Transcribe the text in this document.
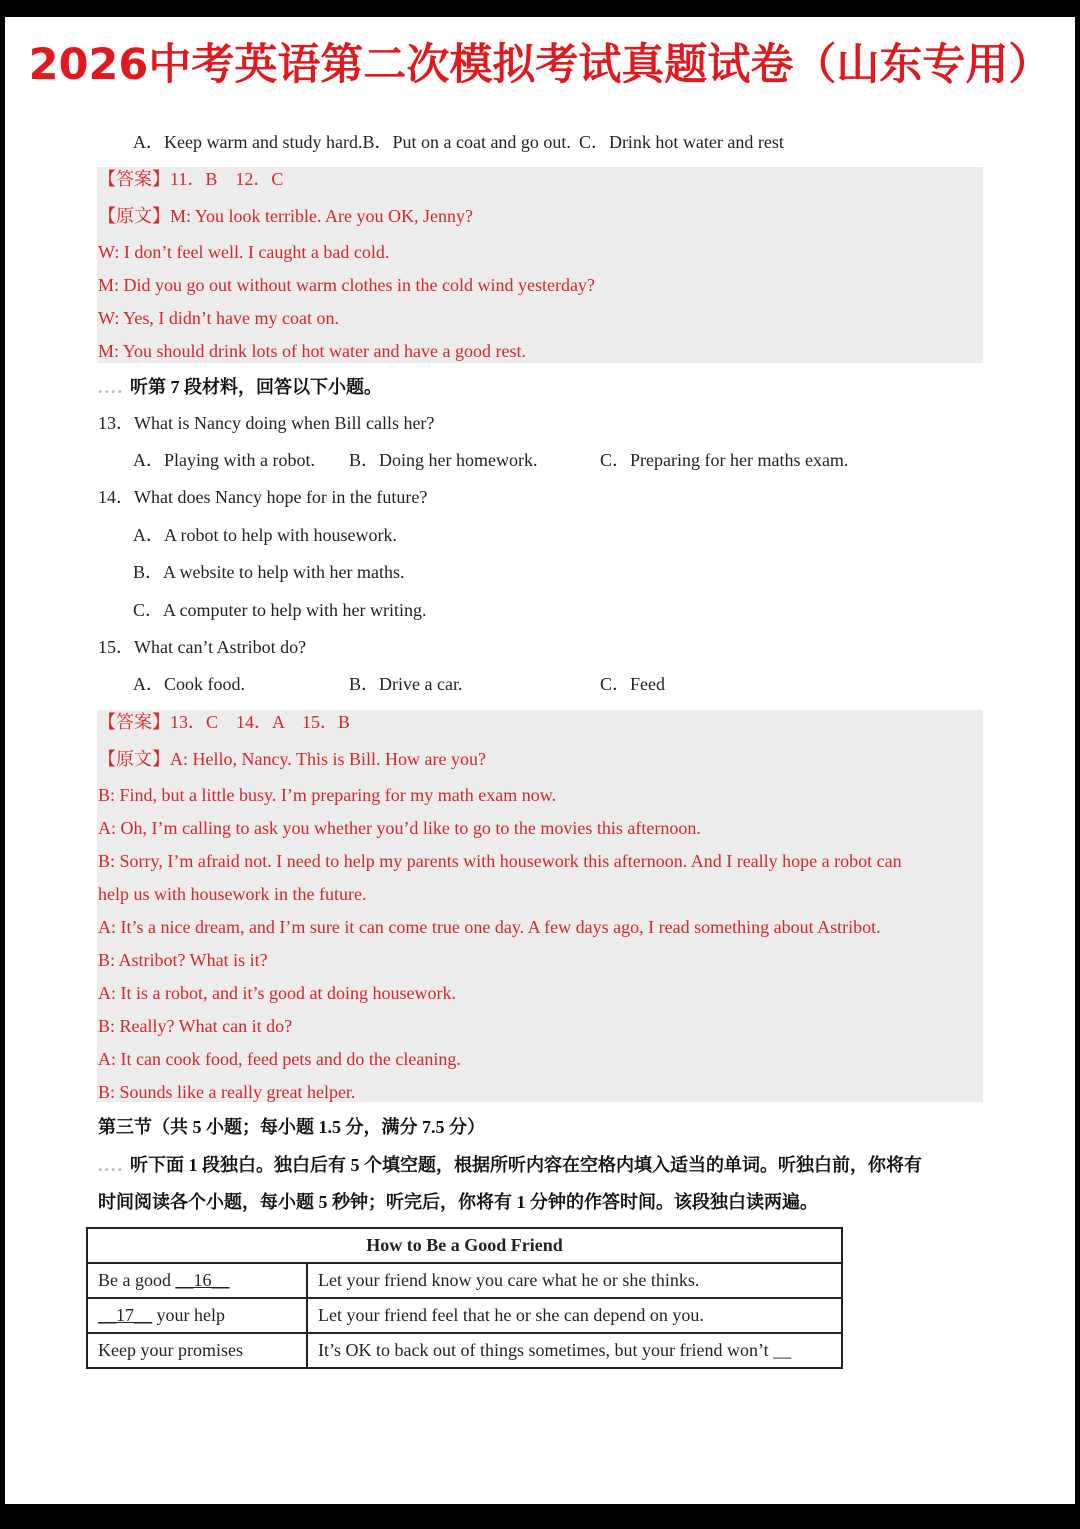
2026中考英语第二次模拟考试真题试卷（山东专用）
A．Keep warm and study hard.B．Put on a coat and go out. C．Drink hot water and rest
【答案】11．B　12．C
【原文】M: You look terrible. Are you OK, Jenny?
W: I don’t feel well. I caught a bad cold.
M: Did you go out without warm clothes in the cold wind yesterday?
W: Yes, I didn’t have my coat on.
M: You should drink lots of hot water and have a good rest.
.... 听第 7 段材料，回答以下小题。
13．What is Nancy doing when Bill calls her?
A．Playing with a robot. B．Doing her homework.	C．Preparing for her maths exam.
14．What does Nancy hope for in the future?
A．A robot to help with housework.
B．A website to help with her maths.
C．A computer to help with her writing.
15．What can’t Astribot do?
A．Cook food.	B．Drive a car.	C．Feed
【答案】13．C　14．A　15．B
【原文】A: Hello, Nancy. This is Bill. How are you?
B: Find, but a little busy. I’m preparing for my math exam now.
A: Oh, I’m calling to ask you whether you’d like to go to the movies this afternoon.
B: Sorry, I’m afraid not. I need to help my parents with housework this afternoon. And I really hope a robot can
help us with housework in the future.
A: It’s a nice dream, and I’m sure it can come true one day. A few days ago, I read something about Astribot.
B: Astribot? What is it?
A: It is a robot, and it’s good at doing housework.
B: Really? What can it do?
A: It can cook food, feed pets and do the cleaning.
B: Sounds like a really great helper.
第三节（共 5 小题；每小题 1.5 分，满分 7.5 分）
.... 听下面 1 段独白。独白后有 5 个填空题，根据所听内容在空格内填入适当的单词。听独白前，你将有
时间阅读各个小题，每小题 5 秒钟；听完后，你将有 1 分钟的作答时间。该段独白读两遍。
How to Be a Good Friend	
Be a good __16__	Let your friend know you care what he or she thinks.
__17__ your help	Let your friend feel that he or she can depend on you.
Keep your promises	It’s OK to back out of things sometimes, but your friend won’t __
